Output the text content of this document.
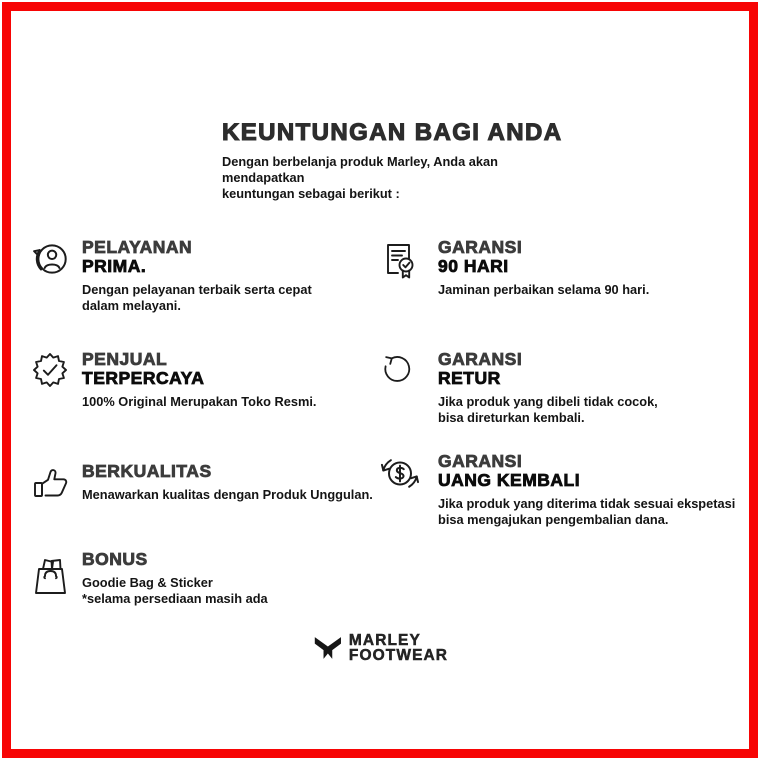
KEUNTUNGAN BAGI ANDA
Dengan berbelanja produk Marley, Anda akan mendapatkan
keuntungan sebagai berikut :
PELAYANAN
PRIMA.
Dengan pelayanan terbaik serta cepat
dalam melayani.
PENJUAL
TERPERCAYA
100% Original Merupakan Toko Resmi.
BERKUALITAS
Menawarkan kualitas dengan Produk Unggulan.
BONUS
Goodie Bag & Sticker
*selama persediaan masih ada
GARANSI
90 HARI
Jaminan perbaikan selama 90 hari.
GARANSI
RETUR
Jika produk yang dibeli tidak cocok,
bisa direturkan kembali.
GARANSI
UANG KEMBALI
Jika produk yang diterima tidak sesuai ekspetasi
bisa mengajukan pengembalian dana.
MARLEY
FOOTWEAR
